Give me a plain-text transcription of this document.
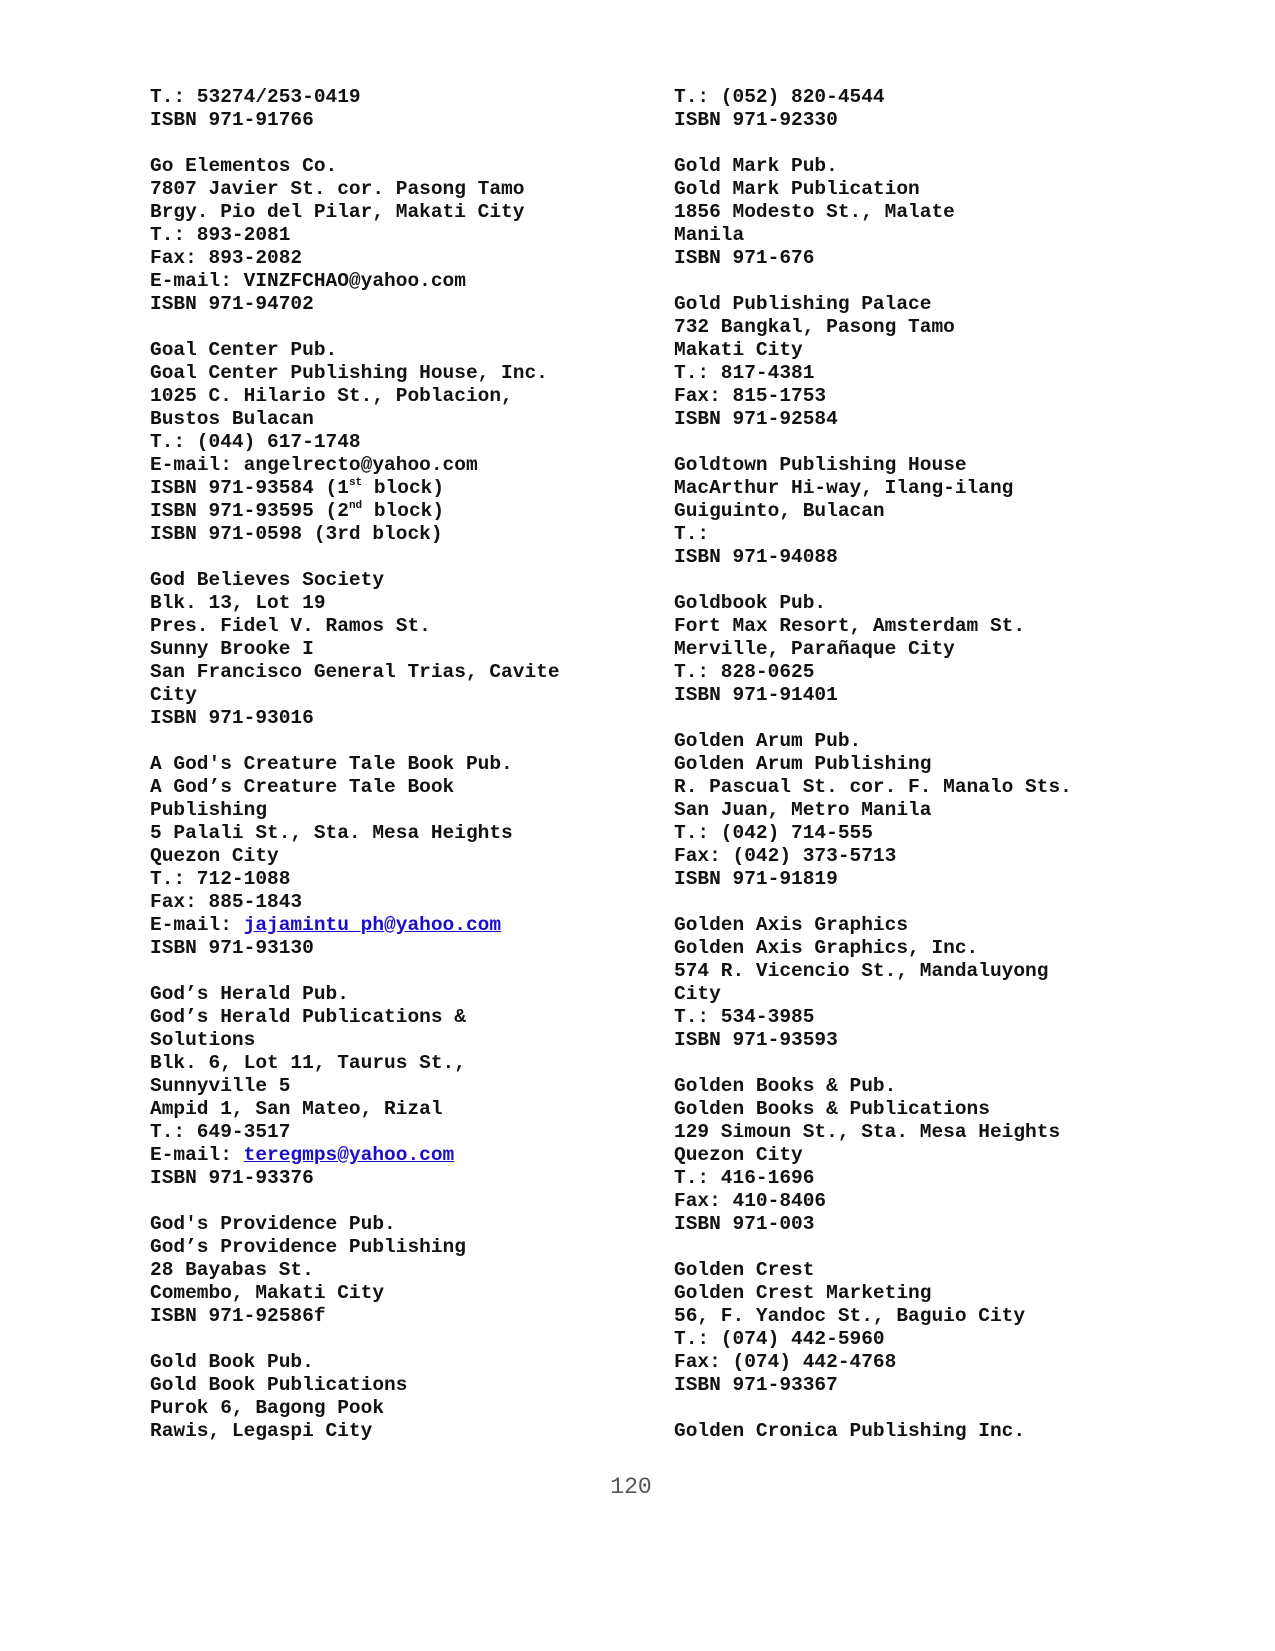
T.: 53274/253-0419
ISBN 971-91766
Go Elementos Co.
7807 Javier St. cor. Pasong Tamo
Brgy. Pio del Pilar, Makati City
T.: 893-2081
Fax: 893-2082
E-mail: VINZFCHAO@yahoo.com
ISBN 971-94702
Goal Center Pub.
Goal Center Publishing House, Inc.
1025 C. Hilario St., Poblacion,
Bustos Bulacan
T.: (044) 617-1748
E-mail: angelrecto@yahoo.com
ISBN 971-93584 (1st block)
ISBN 971-93595 (2nd block)
ISBN 971-0598 (3rd block)
God Believes Society
Blk. 13, Lot 19
Pres. Fidel V. Ramos St.
Sunny Brooke I
San Francisco General Trias, Cavite
City
ISBN 971-93016
A God's Creature Tale Book Pub.
A God’s Creature Tale Book
Publishing
5 Palali St., Sta. Mesa Heights
Quezon City
T.: 712-1088
Fax: 885-1843
E-mail: jajamintu_ph@yahoo.com
ISBN 971-93130
God’s Herald Pub.
God’s Herald Publications &
Solutions
Blk. 6, Lot 11, Taurus St.,
Sunnyville 5
Ampid 1, San Mateo, Rizal
T.: 649-3517
E-mail: teregmps@yahoo.com
ISBN 971-93376
God's Providence Pub.
God’s Providence Publishing
28 Bayabas St.
Comembo, Makati City
ISBN 971-92586f
Gold Book Pub.
Gold Book Publications
Purok 6, Bagong Pook
Rawis, Legaspi City
T.: (052) 820-4544
ISBN 971-92330
Gold Mark Pub.
Gold Mark Publication
1856 Modesto St., Malate
Manila
ISBN 971-676
Gold Publishing Palace
732 Bangkal, Pasong Tamo
Makati City
T.: 817-4381
Fax: 815-1753
ISBN 971-92584
Goldtown Publishing House
MacArthur Hi-way, Ilang-ilang
Guiguinto, Bulacan
T.:
ISBN 971-94088
Goldbook Pub.
Fort Max Resort, Amsterdam St.
Merville, Parañaque City
T.: 828-0625
ISBN 971-91401
Golden Arum Pub.
Golden Arum Publishing
R. Pascual St. cor. F. Manalo Sts.
San Juan, Metro Manila
T.: (042) 714-555
Fax: (042) 373-5713
ISBN 971-91819
Golden Axis Graphics
Golden Axis Graphics, Inc.
574 R. Vicencio St., Mandaluyong
City
T.: 534-3985
ISBN 971-93593
Golden Books & Pub.
Golden Books & Publications
129 Simoun St., Sta. Mesa Heights
Quezon City
T.: 416-1696
Fax: 410-8406
ISBN 971-003
Golden Crest
Golden Crest Marketing
56, F. Yandoc St., Baguio City
T.: (074) 442-5960
Fax: (074) 442-4768
ISBN 971-93367
Golden Cronica Publishing Inc.
120
